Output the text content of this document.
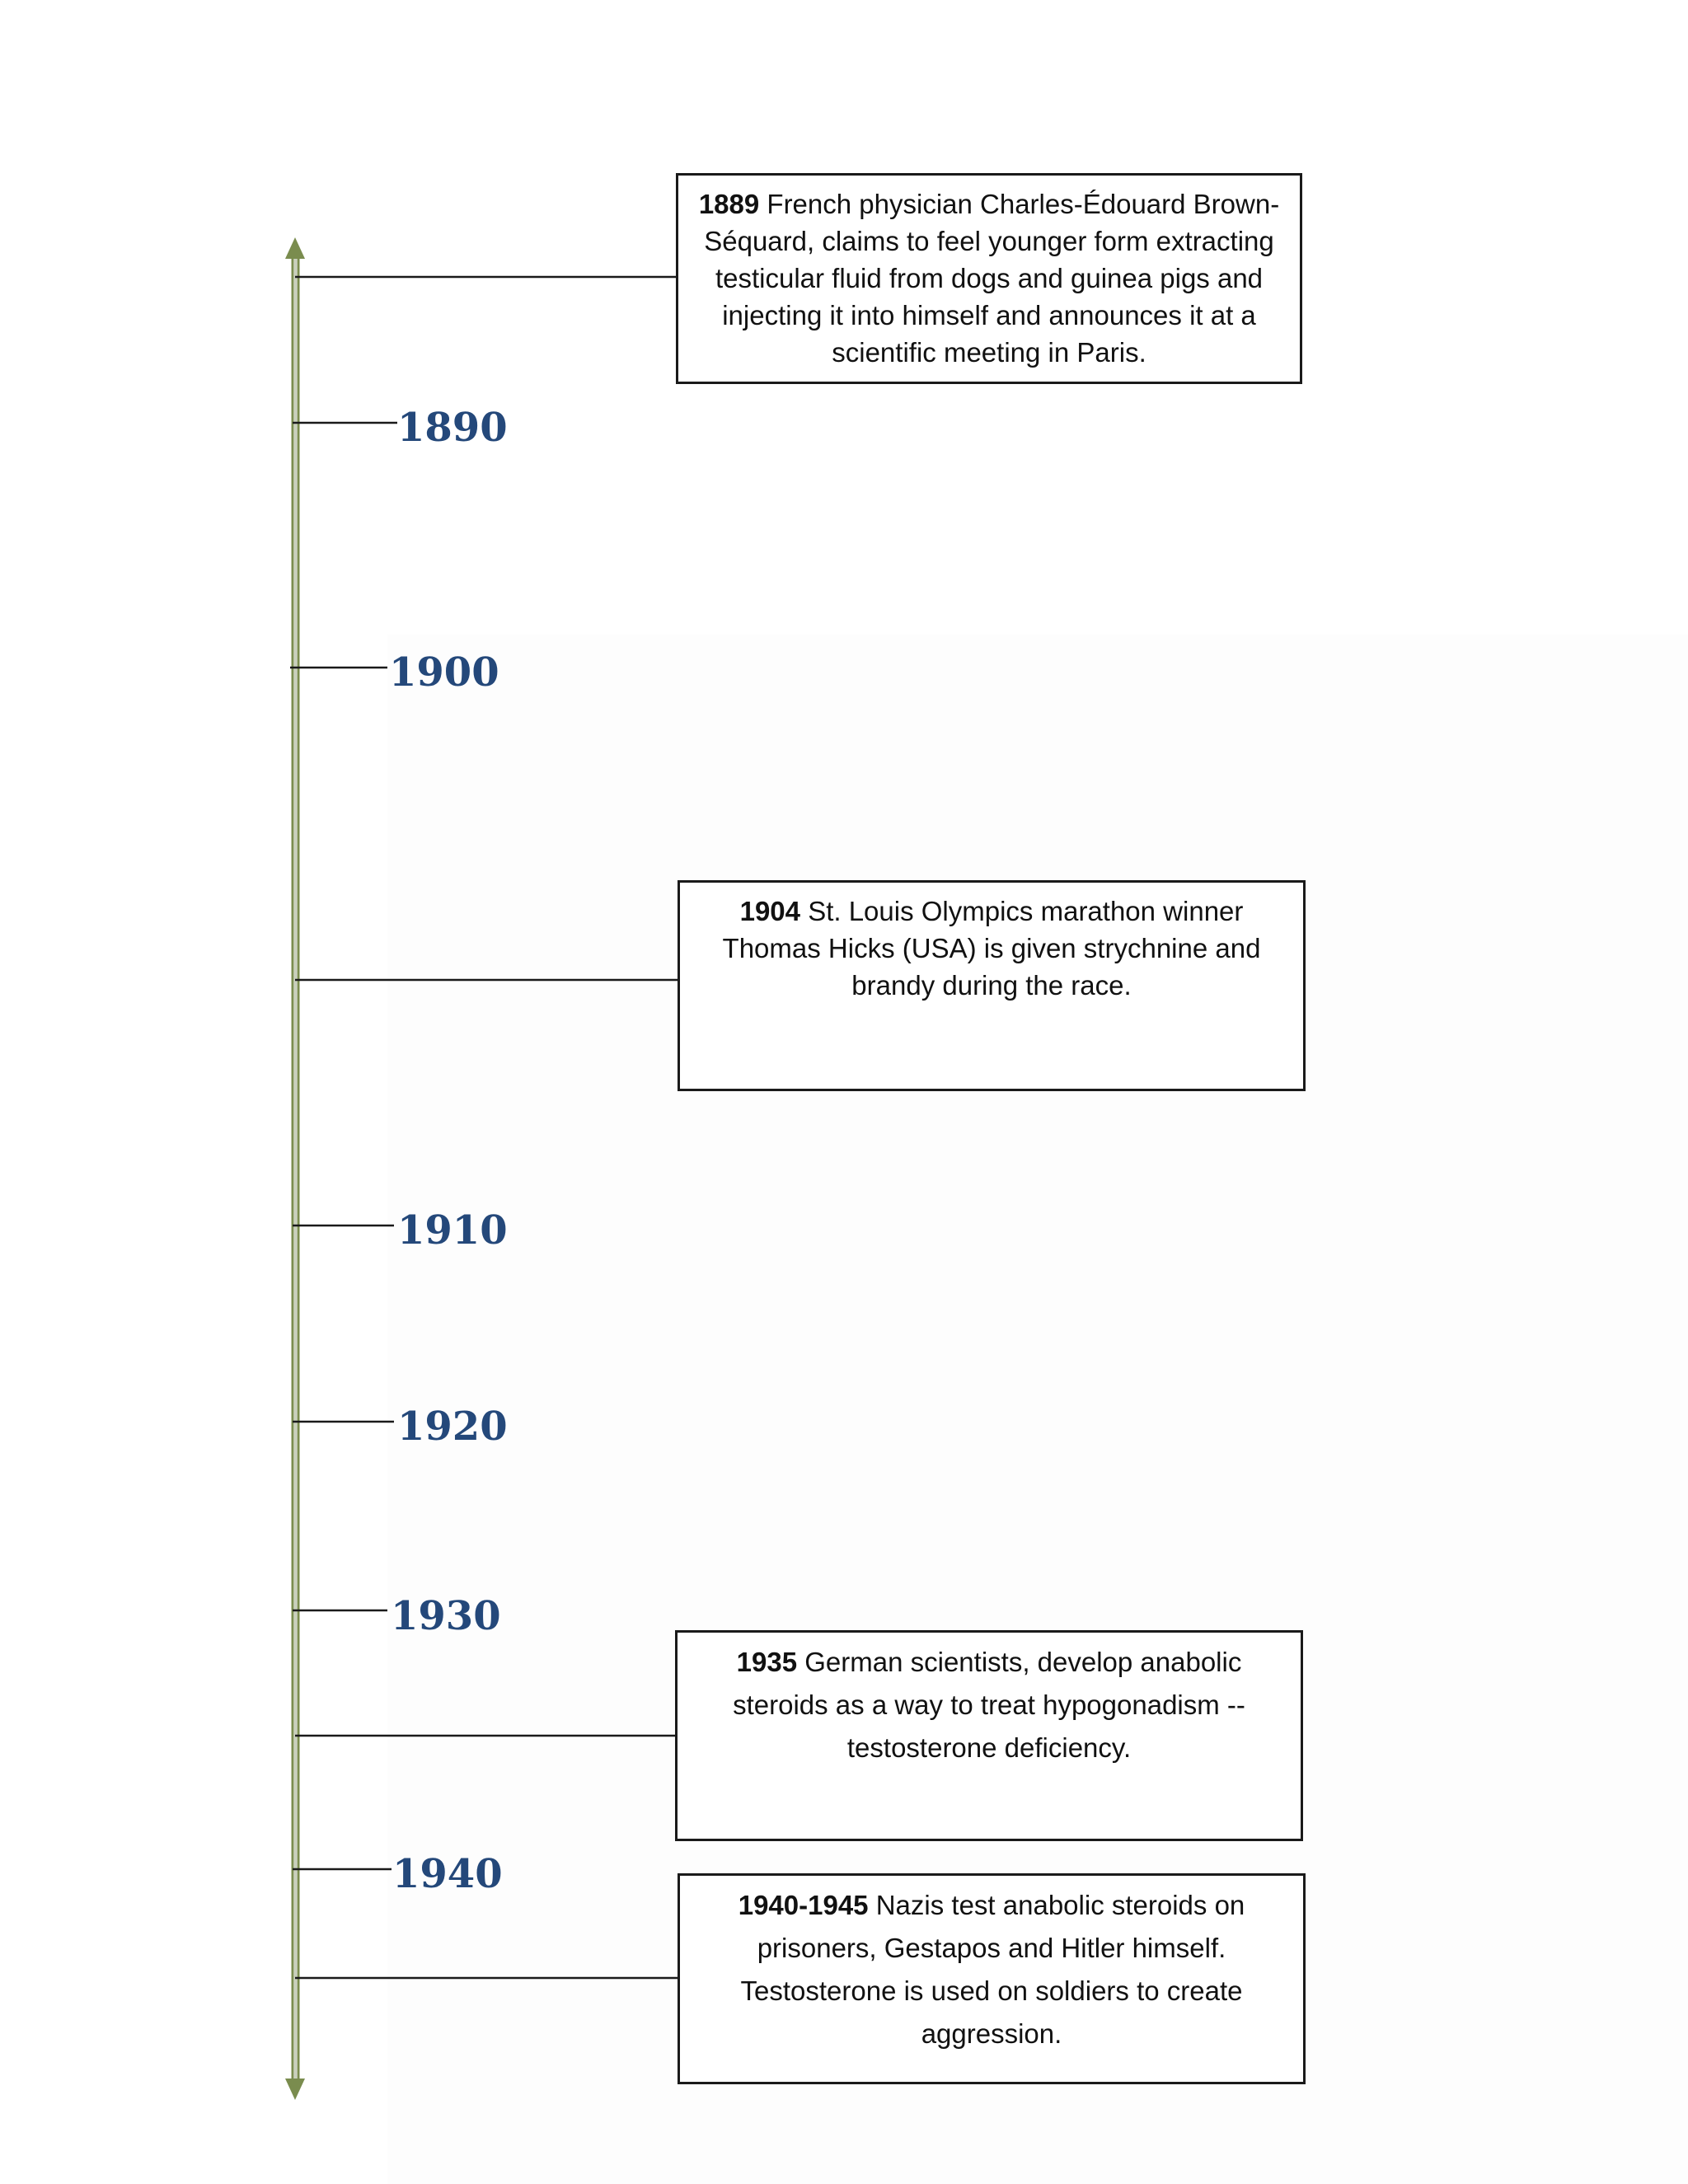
1890
1900
1910
1920
1930
1940
1889 French physician Charles-Édouard Brown-Séquard, claims to feel younger form extracting testicular fluid from dogs and guinea pigs and injecting it into himself and announces it at a scientific meeting in Paris.
1904 St. Louis Olympics marathon winner Thomas Hicks (USA) is given strychnine and brandy during the race.
1935 German scientists, develop anabolic steroids as a way to treat hypogonadism -- testosterone deficiency.
1940-1945 Nazis test anabolic steroids on prisoners, Gestapos and Hitler himself. Testosterone is used on soldiers to create aggression.
